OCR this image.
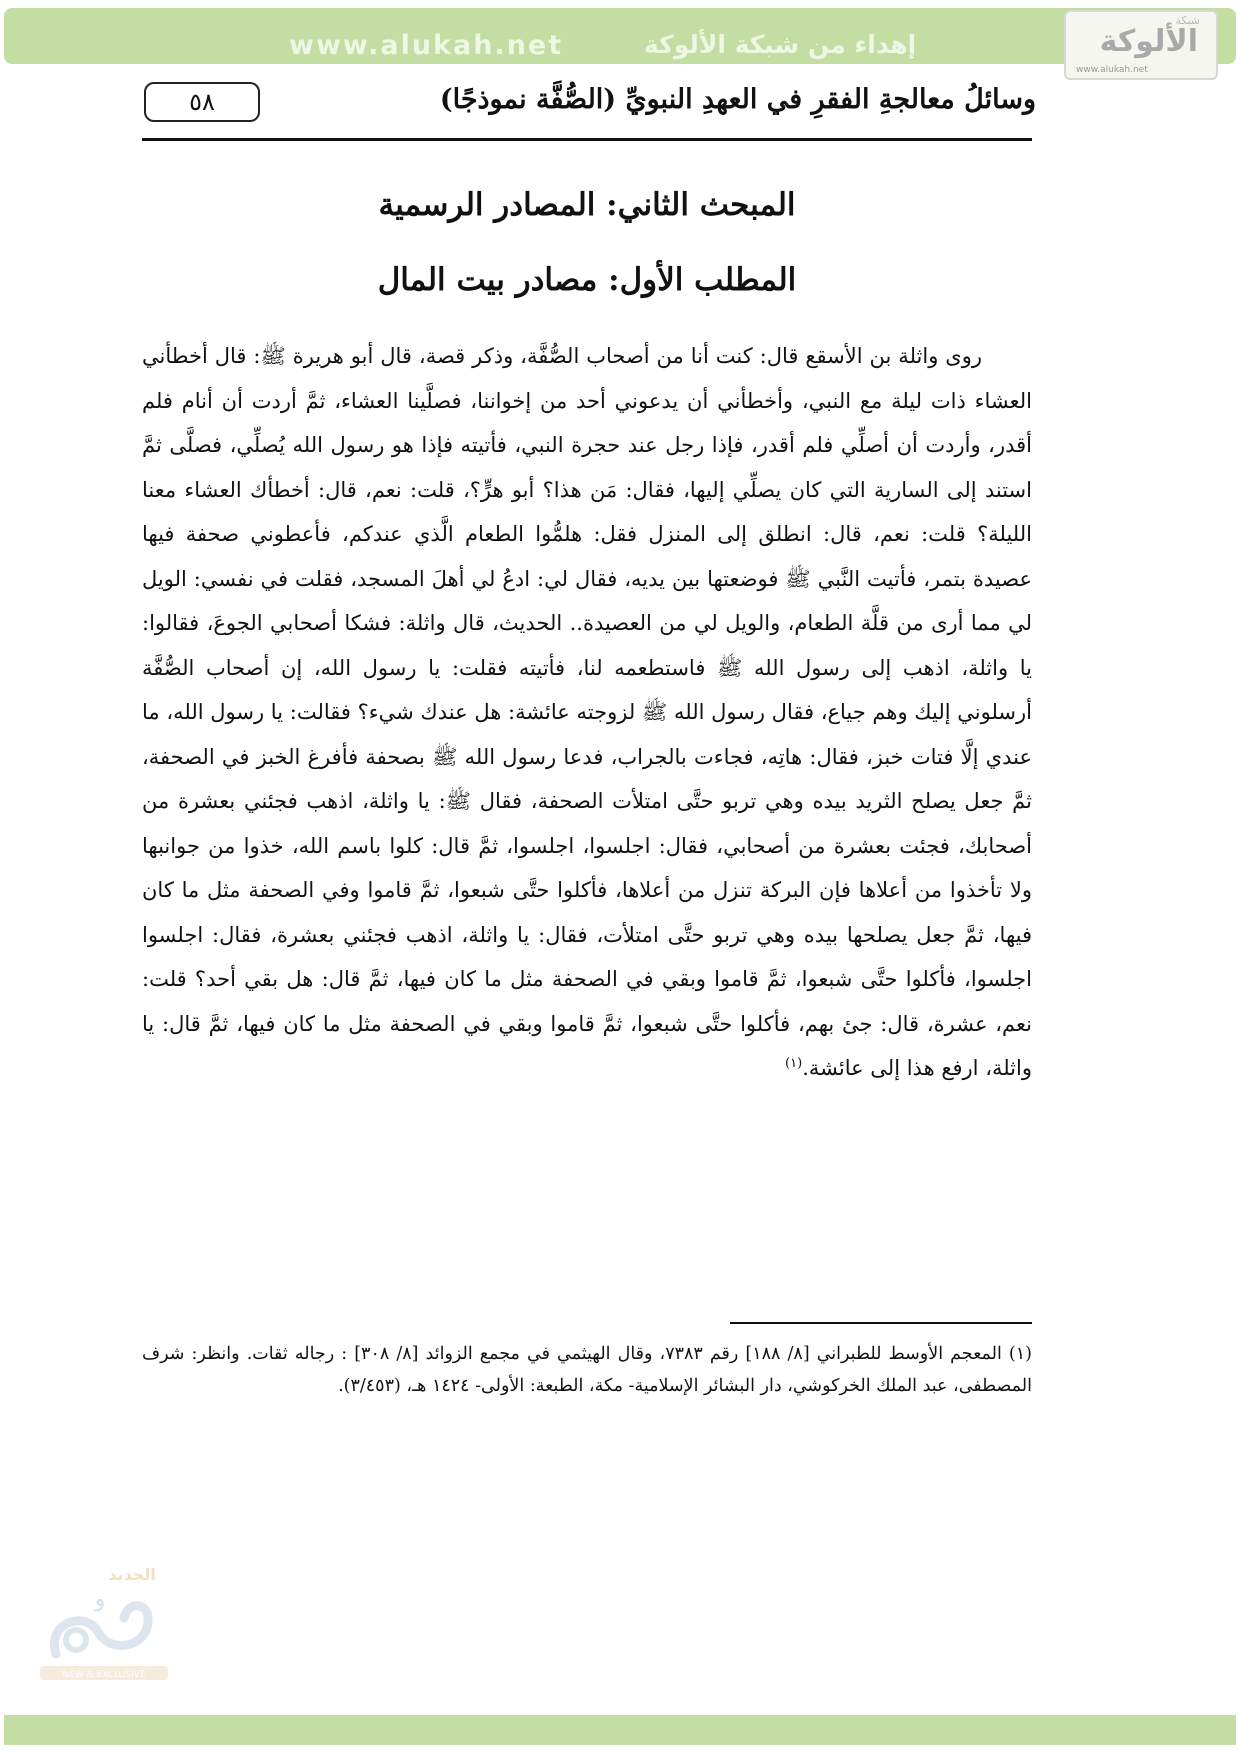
www.alukah.net	إهداء من شبكة الألوكة
شبكة
الألوكة
www.alukah.net
٥٨	وسائلُ معالجةِ الفقرِ في العهدِ النبويِّ (الصُّفَّة نموذجًا)
المبحث الثاني: المصادر الرسمية
المطلب الأول: مصادر بيت المال

روى واثلة بن الأسقع قال: كنت أنا من أصحاب الصُّفَّة، وذكر قصة، قال أبو هريرة ﷺ: قال أخطأني العشاء ذات ليلة مع النبي، وأخطأني أن يدعوني أحد من إخواننا، فصلَّينا العشاء، ثمَّ أردت أن أنام فلم أقدر، وأردت أن أصلِّي فلم أقدر، فإذا رجل عند حجرة النبي، فأتيته فإذا هو رسول الله يُصلِّي، فصلَّى ثمَّ استند إلى السارية التي كان يصلِّي إليها، فقال: مَن هذا؟ أبو هرٍّ؟، قلت: نعم، قال: أخطأك العشاء معنا الليلة؟ قلت: نعم، قال: انطلق إلى المنزل فقل: هلمُّوا الطعام الَّذي عندكم، فأعطوني صحفة فيها عصيدة بتمر، فأتيت النَّبي ﷺ فوضعتها بين يديه، فقال لي: ادعُ لي أهلَ المسجد، فقلت في نفسي: الويل لي مما أرى من قلَّة الطعام، والويل لي من العصيدة.. الحديث، قال واثلة: فشكا أصحابي الجوعَ، فقالوا: يا واثلة، اذهب إلى رسول الله ﷺ فاستطعمه لنا، فأتيته فقلت: يا رسول الله، إن أصحاب الصُّفَّة أرسلوني إليك وهم جياع، فقال رسول الله ﷺ لزوجته عائشة: هل عندك شيء؟ فقالت: يا رسول الله، ما عندي إلَّا فتات خبز، فقال: هاتِه، فجاءت بالجراب، فدعا رسول الله ﷺ بصحفة فأفرغ الخبز في الصحفة، ثمَّ جعل يصلح الثريد بيده وهي تربو حتَّى امتلأت الصحفة، فقال ﷺ: يا واثلة، اذهب فجئني بعشرة من أصحابك، فجئت بعشرة من أصحابي، فقال: اجلسوا، اجلسوا، ثمَّ قال: كلوا باسم الله، خذوا من جوانبها ولا تأخذوا من أعلاها فإن البركة تنزل من أعلاها، فأكلوا حتَّى شبعوا، ثمَّ قاموا وفي الصحفة مثل ما كان فيها، ثمَّ جعل يصلحها بيده وهي تربو حتَّى امتلأت، فقال: يا واثلة، اذهب فجئني بعشرة، فقال: اجلسوا اجلسوا، فأكلوا حتَّى شبعوا، ثمَّ قاموا وبقي في الصحفة مثل ما كان فيها، ثمَّ قال: هل بقي أحد؟ قلت: نعم، عشرة، قال: جئ بهم، فأكلوا حتَّى شبعوا، ثمَّ قاموا وبقي في الصحفة مثل ما كان فيها، ثمَّ قال: يا واثلة، ارفع هذا إلى عائشة.$^{(١)}$

(١) المعجم الأوسط للطبراني [٨/ ١٨٨] رقم ٧٣٨٣، وقال الهيثمي في مجمع الزوائد [٨/ ٣٠٨] : رجاله ثقات. وانظر: شرف المصطفى، عبد الملك الخركوشي، دار البشائر الإسلامية- مكة، الطبعة: الأولى- ١٤٢٤ هـ، (٣/٤٥٣).

الجديد
و
NEW & EXCLUSIVE
